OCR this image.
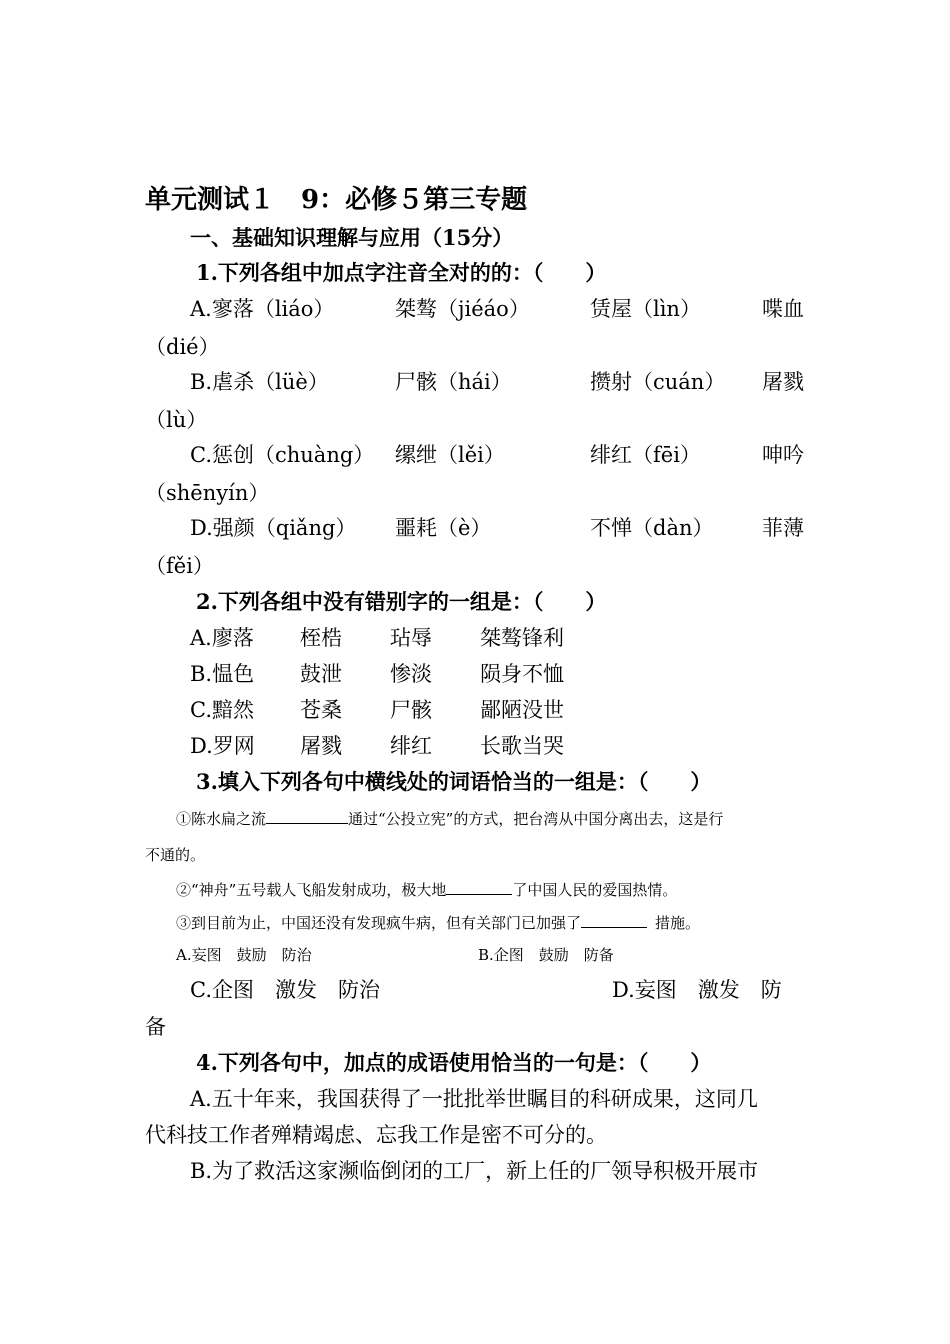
单元测试１　9：必修５第三专题
一、基础知识理解与应用（15分）
1.下列各组中加点字注音全对的的：（　　）
A.寥落（liáo）	桀骜（jiéáo）	赁屋（lìn）	喋血
（dié）
B.虐杀（lüè）	尸骸（hái）	攒射（cuán） 屠戮
（lù）
C.惩创（chuàng） 缧绁（lěi）	绯红（fēi）	呻吟
（shēnyín）
D.强颜（qiǎng） 噩耗（è）	不惮（dàn） 菲薄
（fěi）
2.下列各组中没有错别字的一组是：（　　）
A.廖落 桎梏 玷辱 桀骜锋利
B.愠色 鼓泄 惨淡 陨身不恤
C.黯然 苍桑 尸骸 鄙陋没世
D.罗网 屠戮 绯红 长歌当哭
3.填入下列各句中横线处的词语恰当的一组是：（　　）
①陈水扁之流	通过“公投立宪”的方式，把台湾从中国分离出去，这是行
不通的。
②“神舟”五号载人飞船发射成功，极大地	了中国人民的爱国热情。
③到目前为止，中国还没有发现疯牛病，但有关部门已加强了	措施。
A.妄图　鼓励　防治	B.企图　鼓励　防备
C.企图　激发　防治	D.妄图　激发　防
备
4.下列各句中，加点的成语使用恰当的一句是：（　　）
A.五十年来，我国获得了一批批举世瞩目的科研成果，这同几
代科技工作者殚精竭虑、忘我工作是密不可分的。
B.为了救活这家濒临倒闭的工厂，新上任的厂领导积极开展市
